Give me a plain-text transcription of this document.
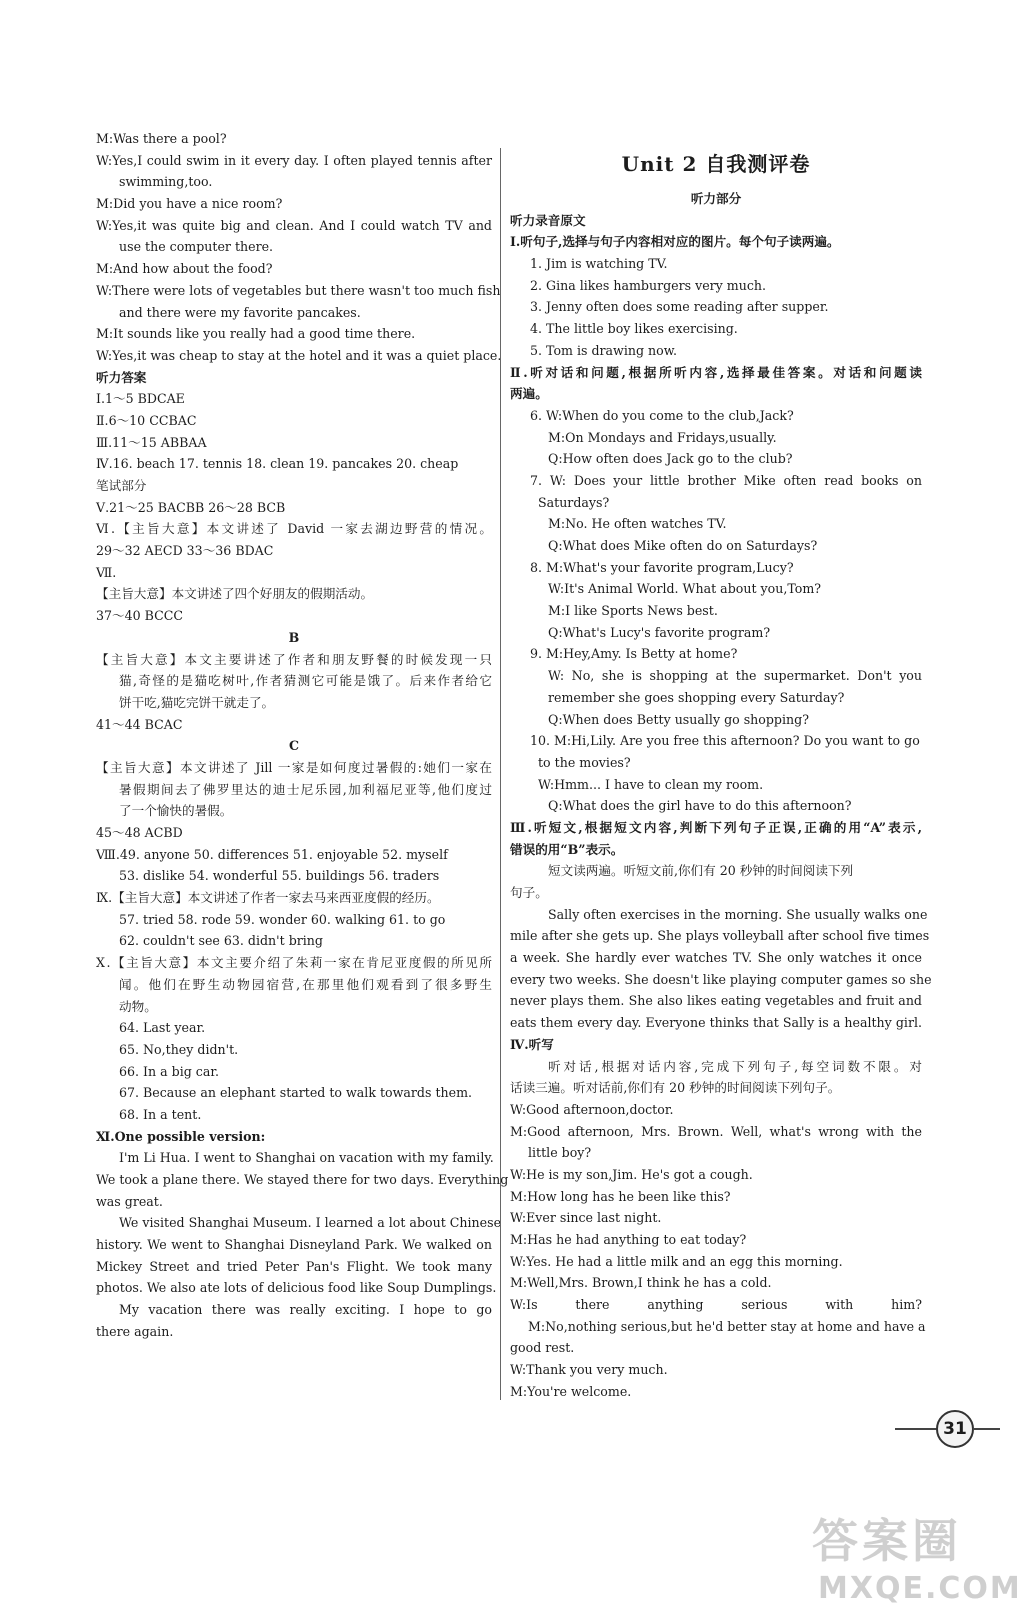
M:Was there a pool?
W:Yes,I could swim in it every day. I often played tennis after
swimming,too.
M:Did you have a nice room?
W:Yes,it was quite big and clean. And I could watch TV and
use the computer there.
M:And how about the food?
W:There were lots of vegetables but there wasn't too much fish
and there were my favorite pancakes.
M:It sounds like you really had a good time there.
W:Yes,it was cheap to stay at the hotel and it was a quiet place.
听力答案
Ⅰ.1～5 BDCAE
Ⅱ.6～10 CCBAC
Ⅲ.11～15 ABBAA
Ⅳ.16. beach 17. tennis 18. clean 19. pancakes 20. cheap
笔试部分
Ⅴ.21～25 BACBB 26～28 BCB
Ⅵ.【主旨大意】本文讲述了 David 一家去湖边野营的情况。
29～32 AECD 33～36 BDAC
Ⅶ.
【主旨大意】本文讲述了四个好朋友的假期活动。
37～40 BCCC
B
【主旨大意】本文主要讲述了作者和朋友野餐的时候发现一只
猫,奇怪的是猫吃树叶,作者猜测它可能是饿了。后来作者给它
饼干吃,猫吃完饼干就走了。
41～44 BCAC
C
【主旨大意】本文讲述了 Jill 一家是如何度过暑假的:她们一家在
暑假期间去了佛罗里达的迪士尼乐园,加利福尼亚等,他们度过
了一个愉快的暑假。
45～48 ACBD
Ⅷ.49. anyone 50. differences 51. enjoyable 52. myself
53. dislike 54. wonderful 55. buildings 56. traders
Ⅸ.【主旨大意】本文讲述了作者一家去马来西亚度假的经历。
57. tried 58. rode 59. wonder 60. walking 61. to go
62. couldn't see 63. didn't bring
Ⅹ.【主旨大意】本文主要介绍了朱莉一家在肯尼亚度假的所见所
闻。他们在野生动物园宿营,在那里他们观看到了很多野生
动物。
64. Last year.
65. No,they didn't.
66. In a big car.
67. Because an elephant started to walk towards them.
68. In a tent.
Ⅺ.One possible version:
I'm Li Hua. I went to Shanghai on vacation with my family.
We took a plane there. We stayed there for two days. Everything
was great.
We visited Shanghai Museum. I learned a lot about Chinese
history. We went to Shanghai Disneyland Park. We walked on
Mickey Street and tried Peter Pan's Flight. We took many
photos. We also ate lots of delicious food like Soup Dumplings.
My vacation there was really exciting. I hope to go
there again.
Unit 2 自我测评卷
听力部分
听力录音原文
Ⅰ.听句子,选择与句子内容相对应的图片。每个句子读两遍。
1. Jim is watching TV.
2. Gina likes hamburgers very much.
3. Jenny often does some reading after supper.
4. The little boy likes exercising.
5. Tom is drawing now.
Ⅱ.听对话和问题,根据所听内容,选择最佳答案。对话和问题读
两遍。
6. W:When do you come to the club,Jack?
M:On Mondays and Fridays,usually.
Q:How often does Jack go to the club?
7. W: Does your little brother Mike often read books on
Saturdays?
M:No. He often watches TV.
Q:What does Mike often do on Saturdays?
8. M:What's your favorite program,Lucy?
W:It's Animal World. What about you,Tom?
M:I like Sports News best.
Q:What's Lucy's favorite program?
9. M:Hey,Amy. Is Betty at home?
W: No, she is shopping at the supermarket. Don't you
remember she goes shopping every Saturday?
Q:When does Betty usually go shopping?
10. M:Hi,Lily. Are you free this afternoon? Do you want to go
to the movies?
W:Hmm... I have to clean my room.
Q:What does the girl have to do this afternoon?
Ⅲ.听短文,根据短文内容,判断下列句子正误,正确的用“A”表示,
错误的用“B”表示。
短文读两遍。听短文前,你们有 20 秒钟的时间阅读下列
句子。
Sally often exercises in the morning. She usually walks one
mile after she gets up. She plays volleyball after school five times
a week. She hardly ever watches TV. She only watches it once
every two weeks. She doesn't like playing computer games so she
never plays them. She also likes eating vegetables and fruit and
eats them every day. Everyone thinks that Sally is a healthy girl.
Ⅳ.听写
听对话,根据对话内容,完成下列句子,每空词数不限。对
话读三遍。听对话前,你们有 20 秒钟的时间阅读下列句子。
W:Good afternoon,doctor.
M:Good afternoon, Mrs. Brown. Well, what's wrong with the
little boy?
W:He is my son,Jim. He's got a cough.
M:How long has he been like this?
W:Ever since last night.
M:Has he had anything to eat today?
W:Yes. He had a little milk and an egg this morning.
M:Well,Mrs. Brown,I think he has a cold.
W:Is there anything serious with him?
M:No,nothing serious,but he'd better stay at home and have a
good rest.
W:Thank you very much.
M:You're welcome.
31
答案圈
MXQE.COM
